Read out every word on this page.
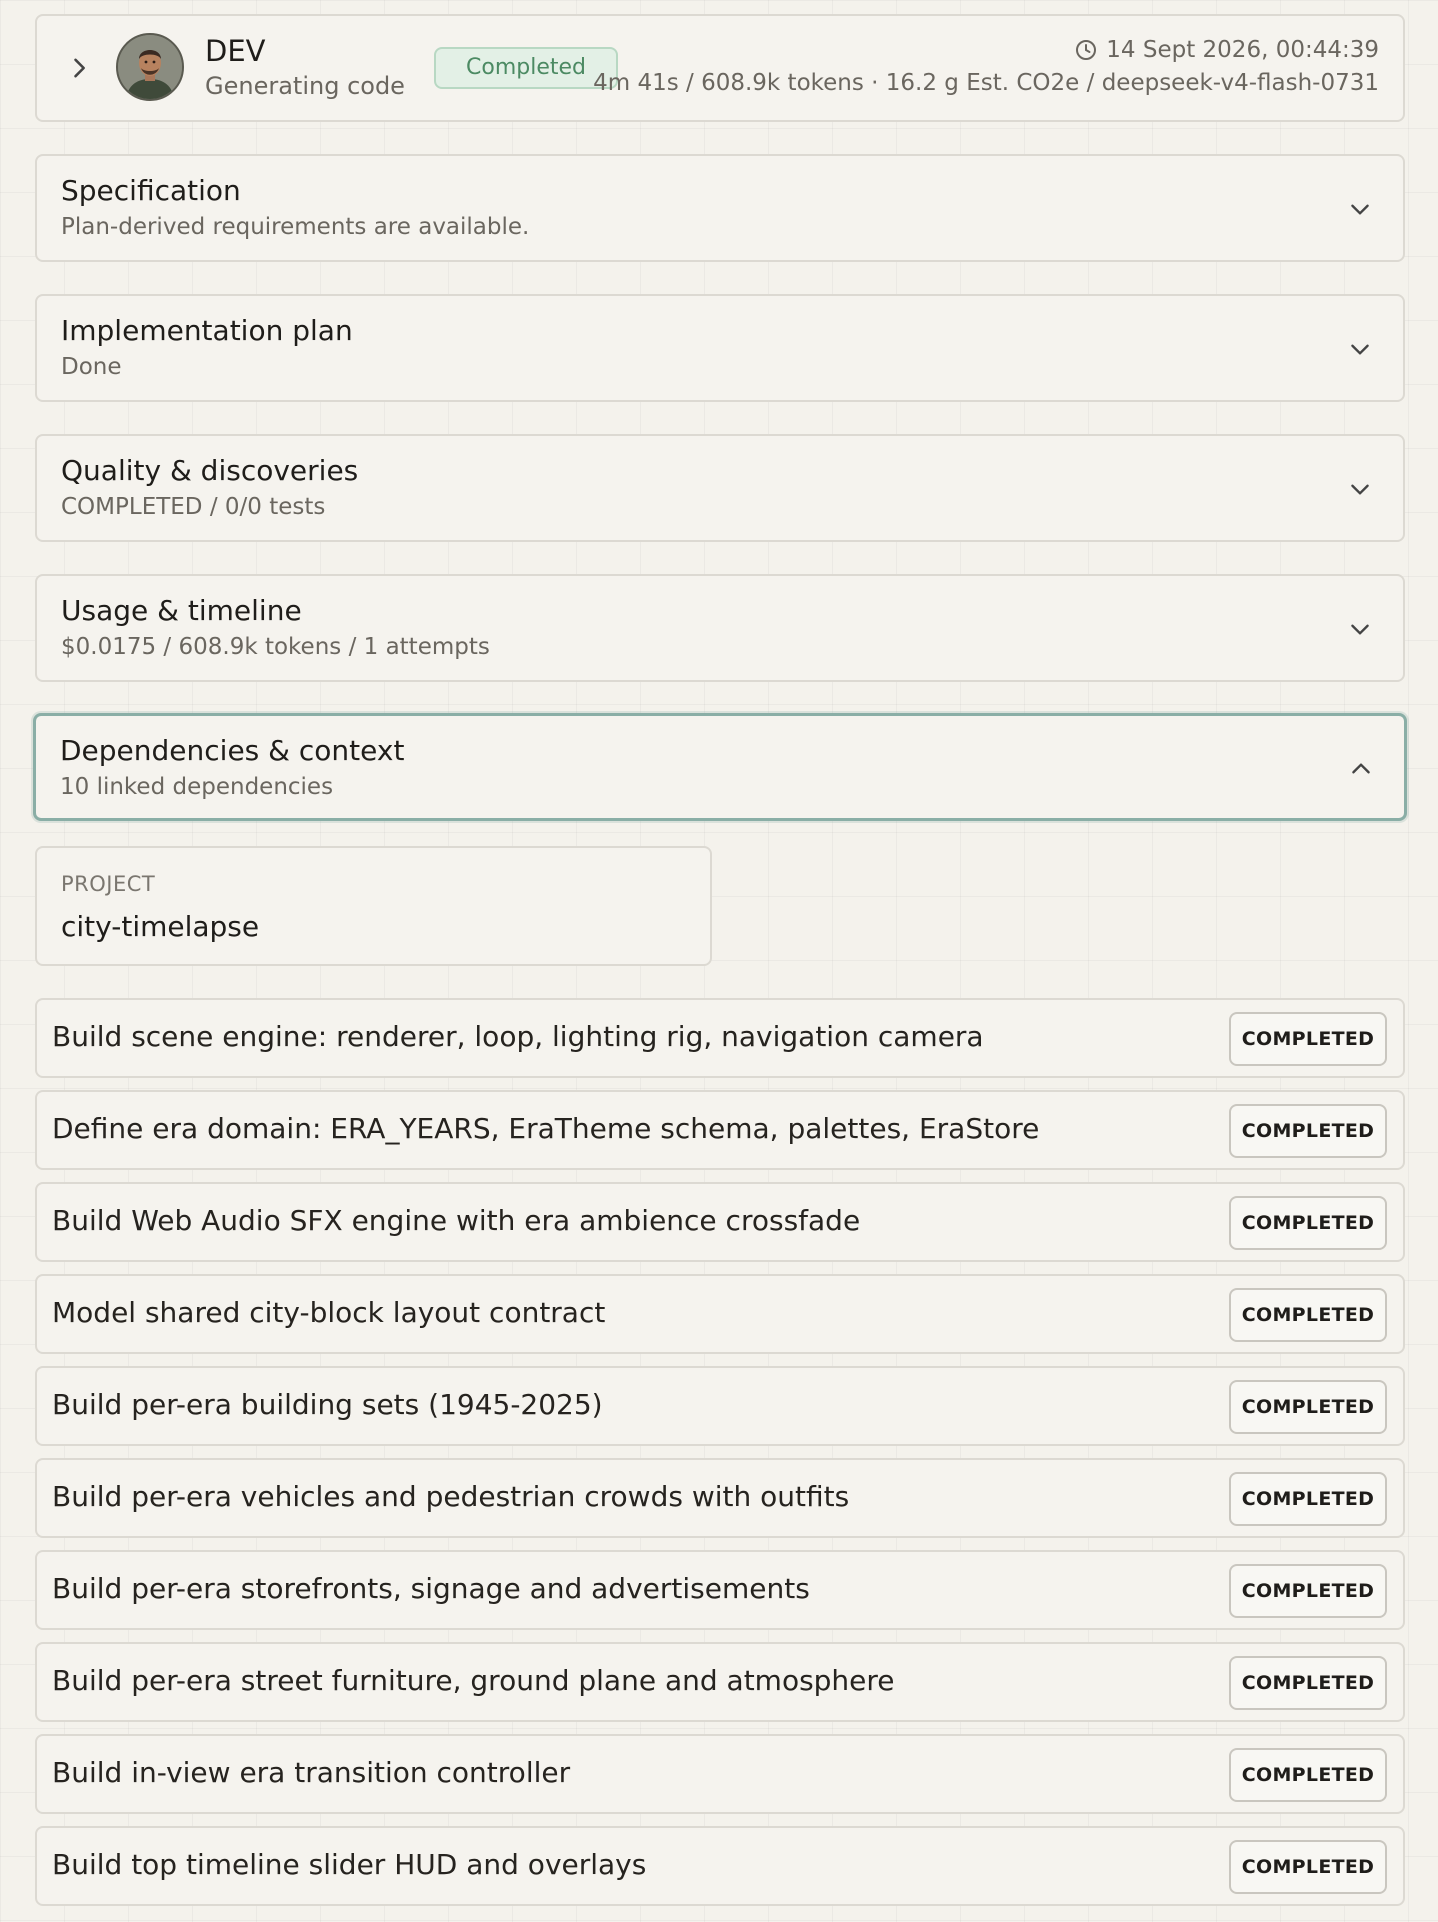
DEV
Generating code
Completed
14 Sept 2026, 00:44:39
4m 41s / 608.9k tokens · 16.2 g Est. CO2e / deepseek-v4-flash-0731
Specification
Plan-derived requirements are available.
Implementation plan
Done
Quality & discoveries
COMPLETED / 0/0 tests
Usage & timeline
$0.0175 / 608.9k tokens / 1 attempts
Dependencies & context
10 linked dependencies
PROJECT
city-timelapse
Build scene engine: renderer, loop, lighting rig, navigation camera	COMPLETED
Define era domain: ERA_YEARS, EraTheme schema, palettes, EraStore	COMPLETED
Build Web Audio SFX engine with era ambience crossfade	COMPLETED
Model shared city-block layout contract	COMPLETED
Build per-era building sets (1945-2025)	COMPLETED
Build per-era vehicles and pedestrian crowds with outfits	COMPLETED
Build per-era storefronts, signage and advertisements	COMPLETED
Build per-era street furniture, ground plane and atmosphere	COMPLETED
Build in-view era transition controller	COMPLETED
Build top timeline slider HUD and overlays	COMPLETED
